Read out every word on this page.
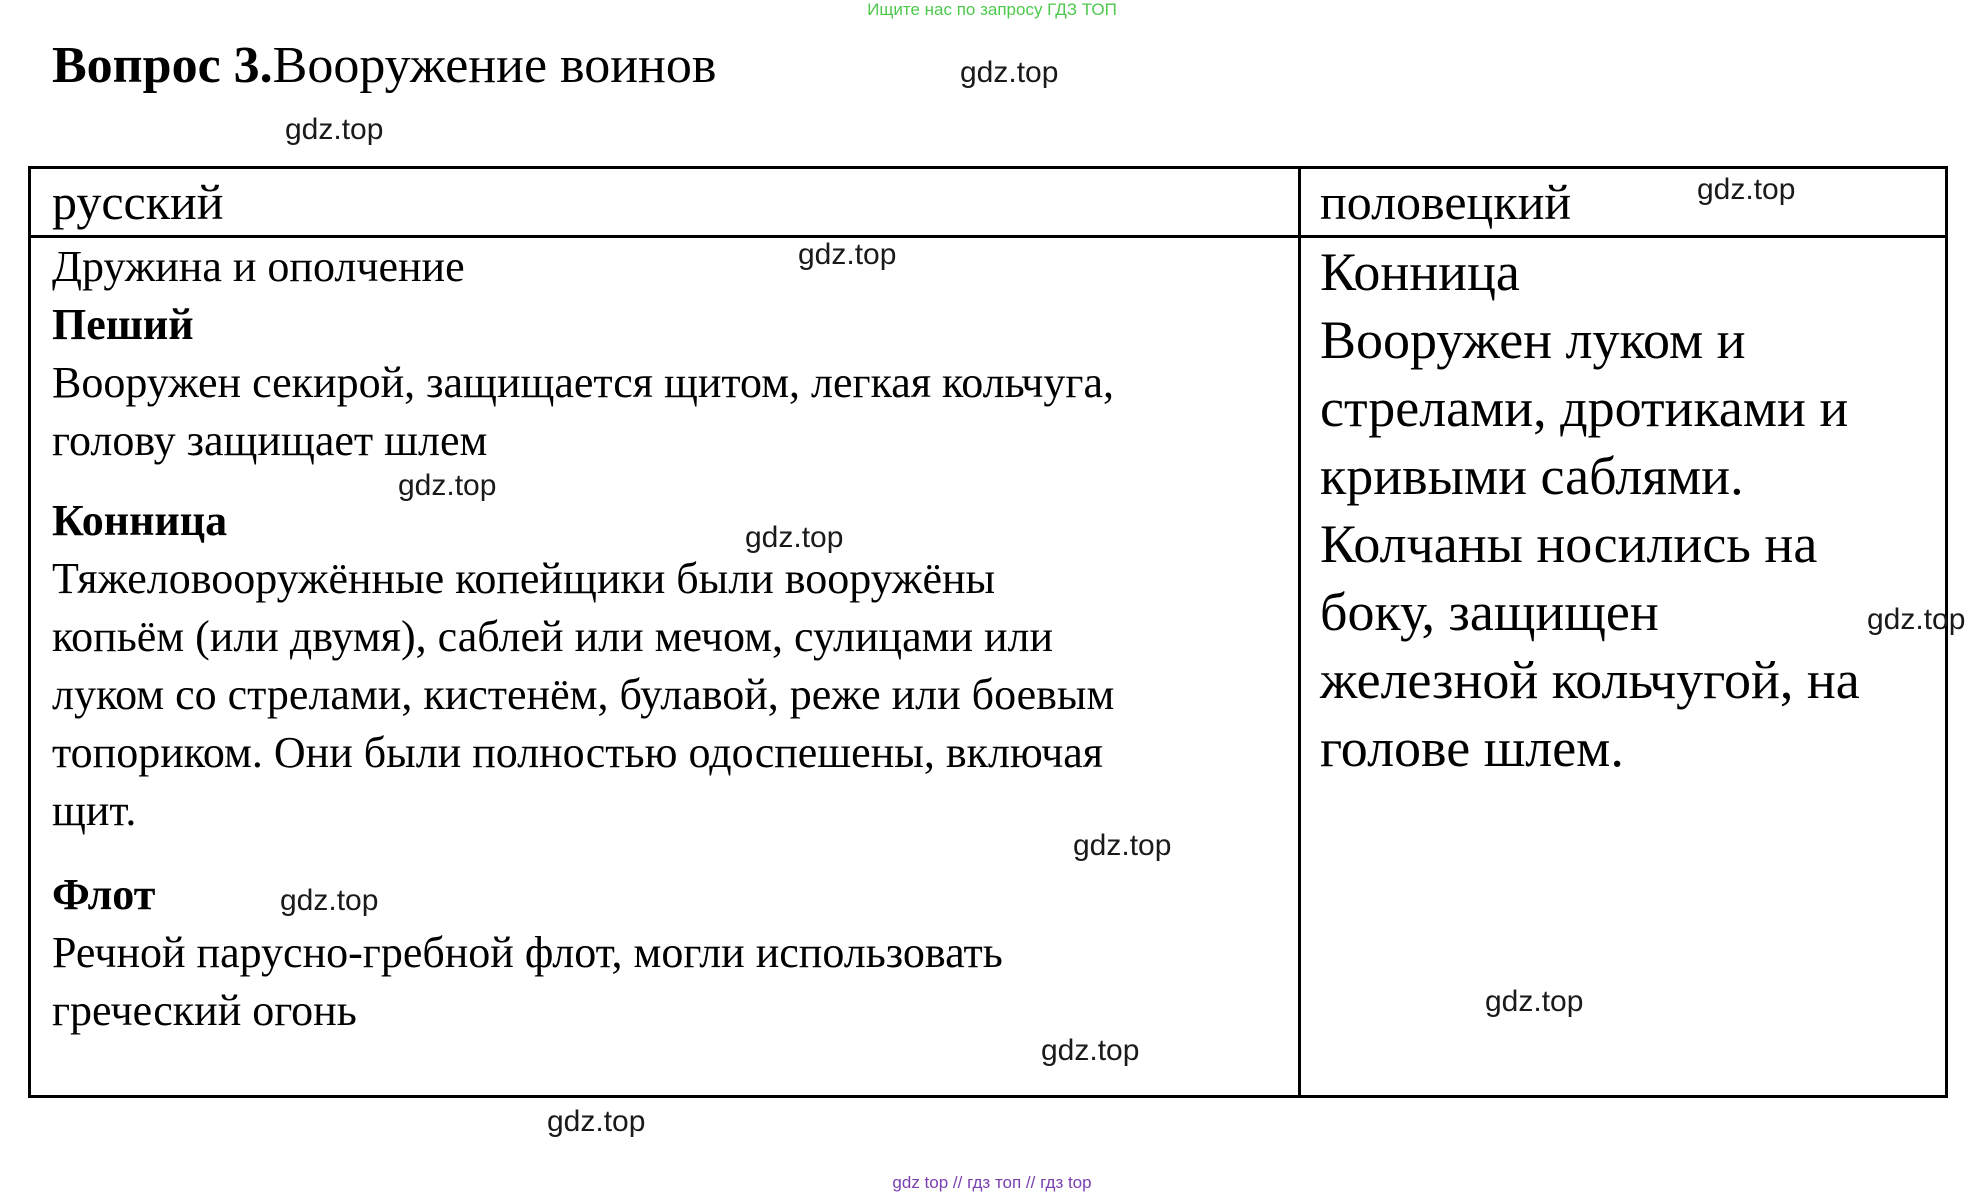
Ищите нас по запросу ГДЗ ТОП
Вопрос 3.Вооружение воинов
русский	половецкий

Дружина и ополчение

Пеший

Вооружен секирой, защищается щитом, легкая кольчуга,

голову защищает шлем

Конница

Тяжеловооружённые копейщики были вооружёны

копьём (или двумя), саблей или мечом, сулицами или

луком со стрелами, кистенём, булавой, реже или боевым

топориком. Они были полностью одоспешены, включая

щит.

Флот

Речной парусно-гребной флот, могли использовать

греческий огонь

Конница

Вооружен луком и

стрелами, дротиками и

кривыми саблями.

Колчаны носились на

боку, защищен

железной кольчугой, на

голове шлем.

gdz.top
gdz.top
gdz.top
gdz.top
gdz.top
gdz.top
gdz.top
gdz.top
gdz.top
gdz.top
gdz.top
gdz.top
gdz top // гдз топ // гдз top
